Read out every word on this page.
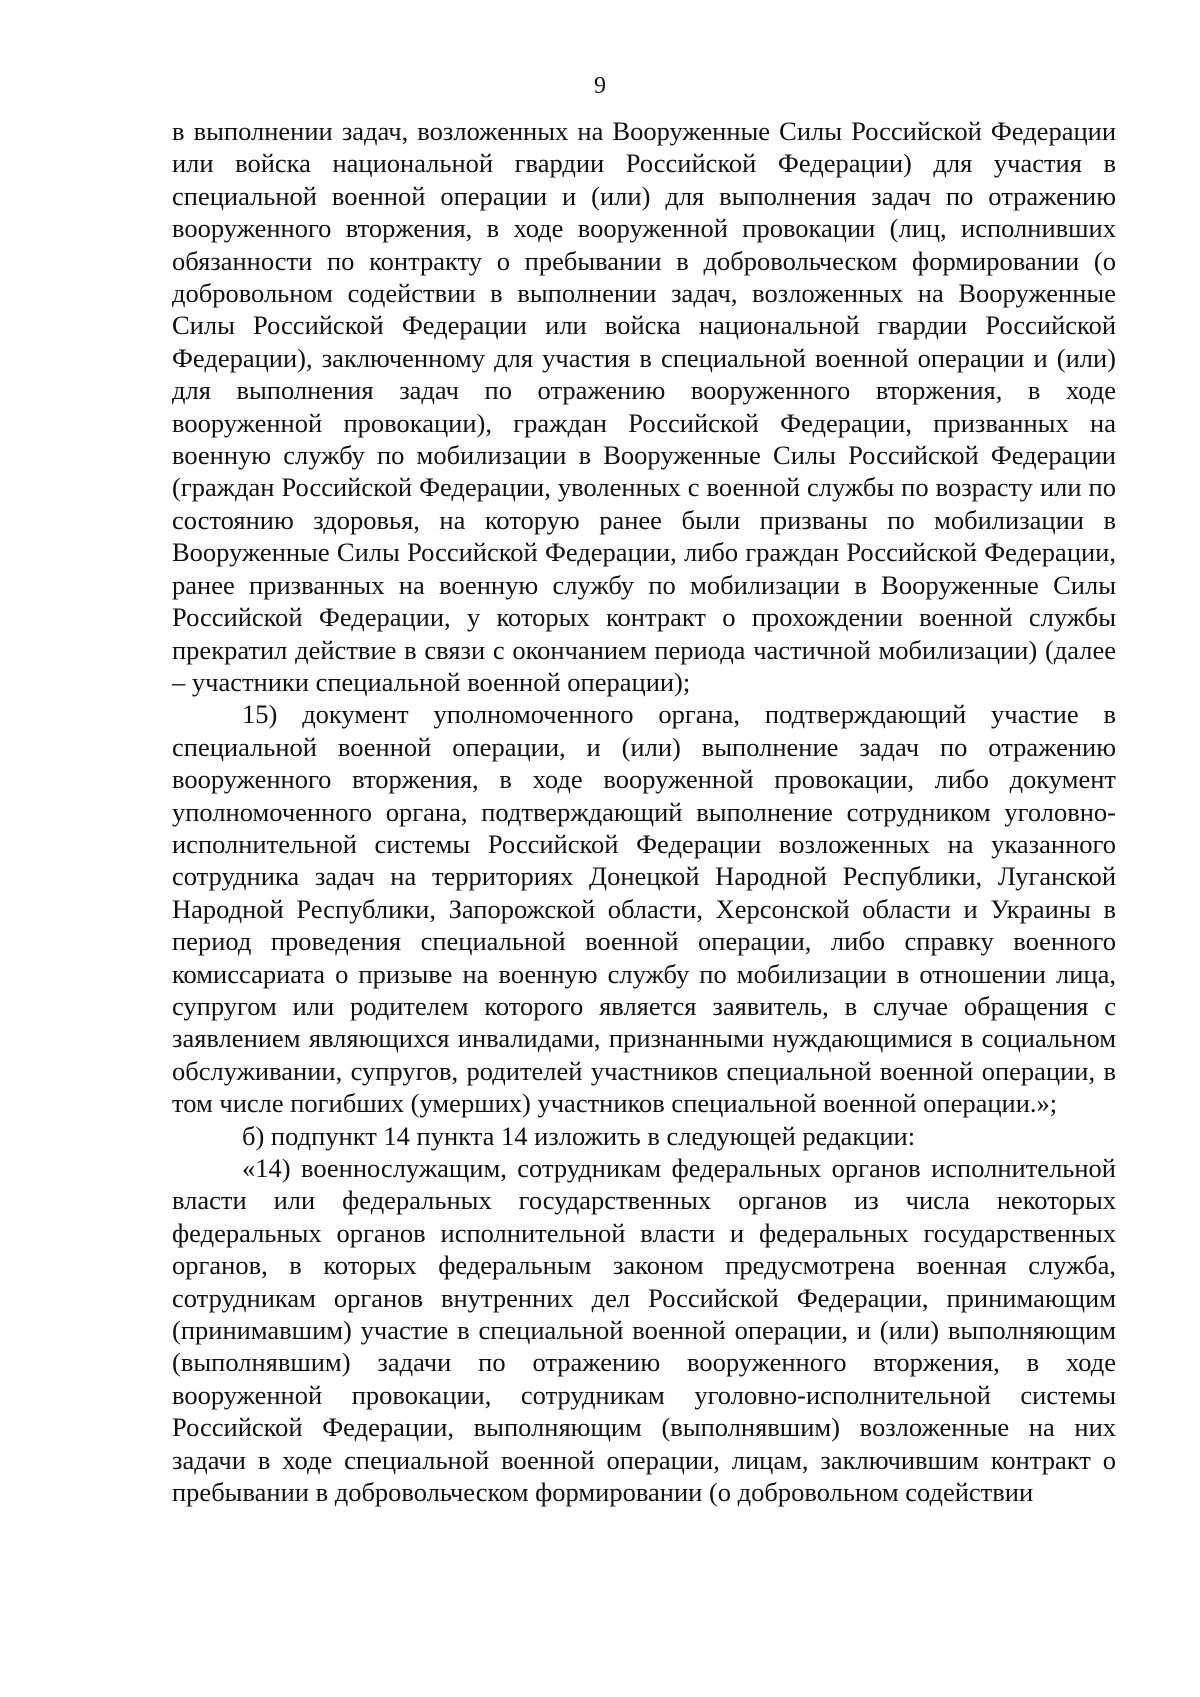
9

в выполнении задач, возложенных на Вооруженные Силы Российской Федерации или войска национальной гвардии Российской Федерации) для участия в специальной военной операции и (или) для выполнения задач по отражению вооруженного вторжения, в ходе вооруженной провокации (лиц, исполнивших обязанности по контракту о пребывании в добровольческом формировании (о добровольном содействии в выполнении задач, возложенных на Вооруженные Силы Российской Федерации или войска национальной гвардии Российской Федерации), заключенному для участия в специальной военной операции и (или) для выполнения задач по отражению вооруженного вторжения, в ходе вооруженной провокации), граждан Российской Федерации, призванных на военную службу по мобилизации в Вооруженные Силы Российской Федерации (граждан Российской Федерации, уволенных с военной службы по возрасту или по состоянию здоровья, на которую ранее были призваны по мобилизации в Вооруженные Силы Российской Федерации, либо граждан Российской Федерации, ранее призванных на военную службу по мобилизации в Вооруженные Силы Российской Федерации, у которых контракт о прохождении военной службы прекратил действие в связи с окончанием периода частичной мобилизации) (далее – участники специальной военной операции);

15) документ уполномоченного органа, подтверждающий участие в специальной военной операции, и (или) выполнение задач по отражению вооруженного вторжения, в ходе вооруженной провокации, либо документ уполномоченного органа, подтверждающий выполнение сотрудником уголовно-исполнительной системы Российской Федерации возложенных на указанного сотрудника задач на территориях Донецкой Народной Республики, Луганской Народной Республики, Запорожской области, Херсонской области и Украины в период проведения специальной военной операции, либо справку военного комиссариата о призыве на военную службу по мобилизации в отношении лица, супругом или родителем которого является заявитель, в случае обращения с заявлением являющихся инвалидами, признанными нуждающимися в социальном обслуживании, супругов, родителей участников специальной военной операции, в том числе погибших (умерших) участников специальной военной операции.»;

б) подпункт 14 пункта 14 изложить в следующей редакции:

«14) военнослужащим, сотрудникам федеральных органов исполнительной власти или федеральных государственных органов из числа некоторых федеральных органов исполнительной власти и федеральных государственных органов, в которых федеральным законом предусмотрена военная служба, сотрудникам органов внутренних дел Российской Федерации, принимающим (принимавшим) участие в специальной военной операции, и (или) выполняющим (выполнявшим) задачи по отражению вооруженного вторжения, в ходе вооруженной провокации, сотрудникам уголовно-исполнительной системы Российской Федерации, выполняющим (выполнявшим) возложенные на них задачи в ходе специальной военной операции, лицам, заключившим контракт о пребывании в добровольческом формировании (о добровольном содействии
